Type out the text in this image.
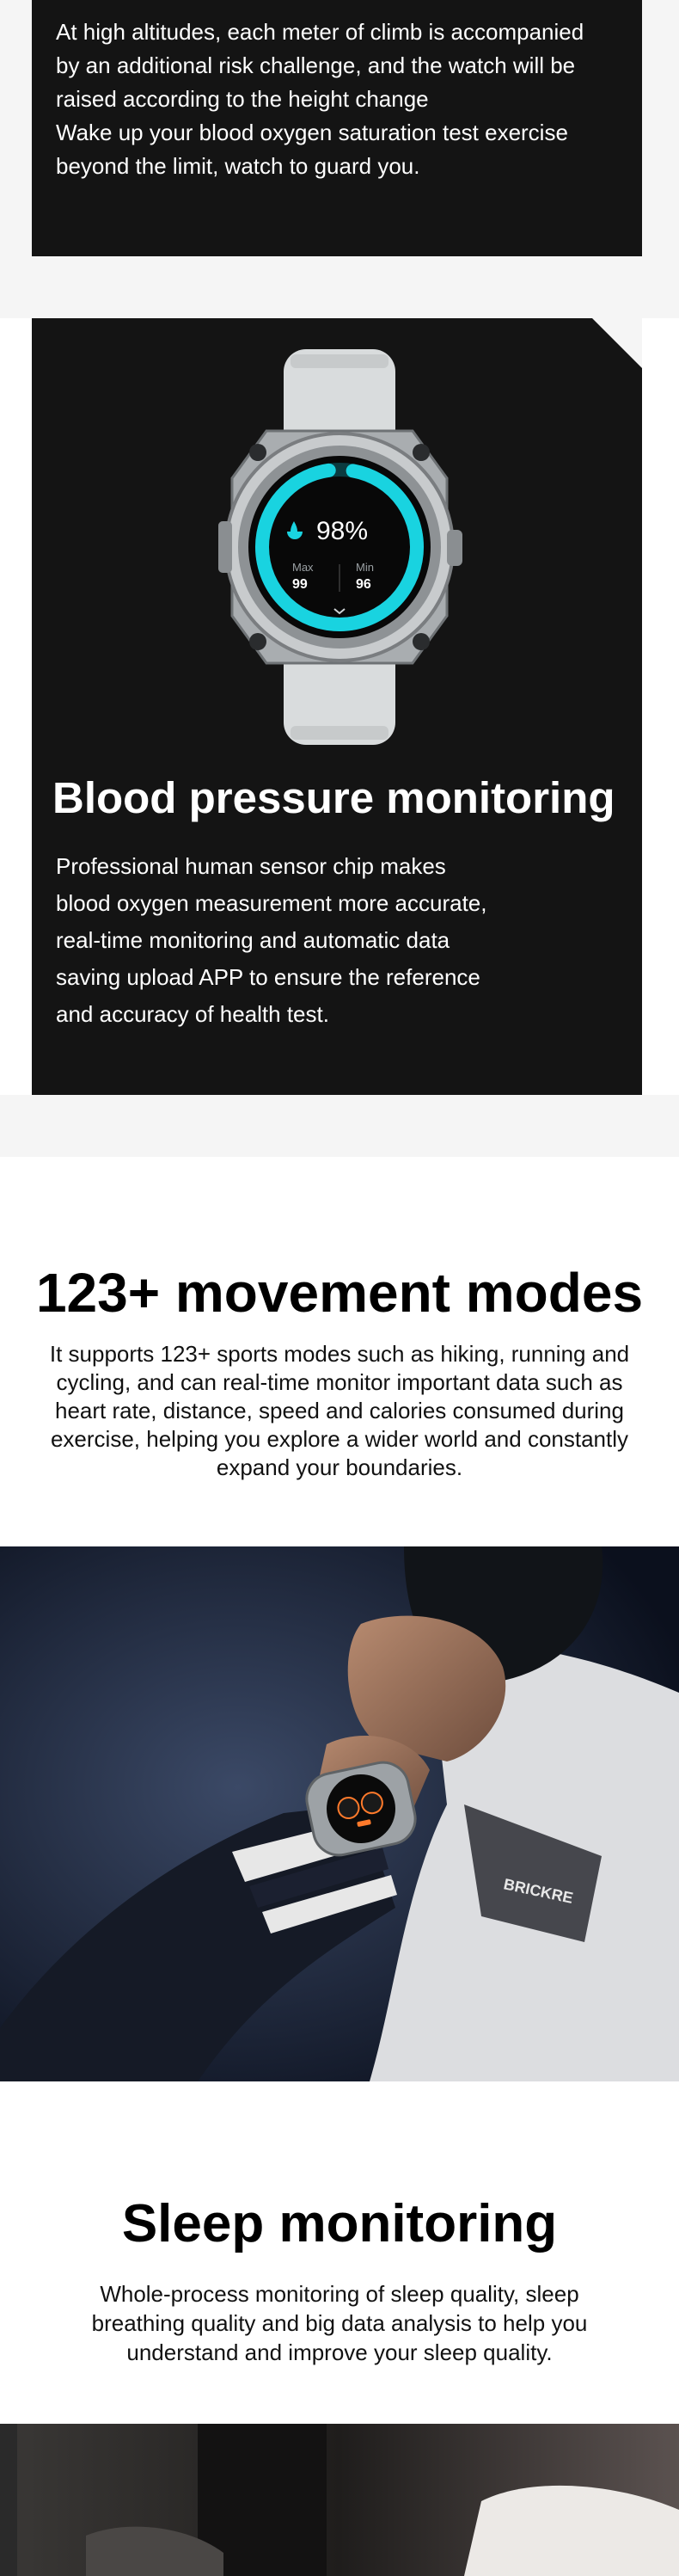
At high altitudes, each meter of climb is accompanied
by an additional risk challenge, and the watch will be
raised according to the height change
Wake up your blood oxygen saturation test exercise
beyond the limit, watch to guard you.
98%
Max
99
Min
96
Blood pressure monitoring
Professional human sensor chip makes
blood oxygen measurement more accurate,
real-time monitoring and automatic data
saving upload APP to ensure the reference
and accuracy of health test.
123+ movement modes
It supports 123+ sports modes such as hiking, running and
cycling, and can real-time monitor important data such as
heart rate, distance, speed and calories consumed during
exercise, helping you explore a wider world and constantly
expand your boundaries.
BRICKRE
Sleep monitoring
Whole-process monitoring of sleep quality, sleep
breathing quality and big data analysis to help you
understand and improve your sleep quality.
